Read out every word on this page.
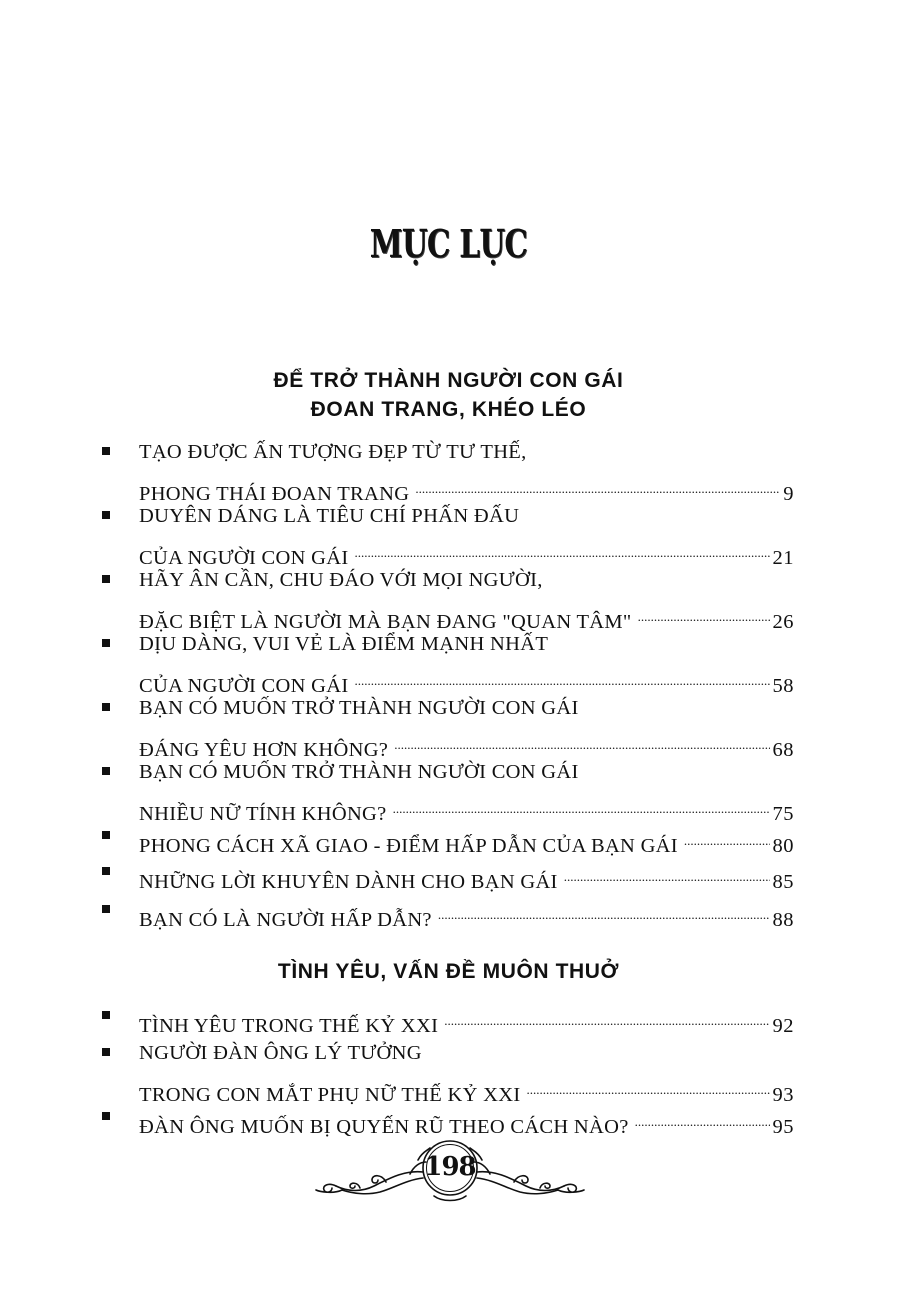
MỤC LỤC
ĐỂ TRỞ THÀNH NGƯỜI CON GÁI
ĐOAN TRANG, KHÉO LÉO
TẠO ĐƯỢC ẤN TƯỢNG ĐẸP TỪ TƯ THẾ,
PHONG THÁI ĐOAN TRANG .....	9
DUYÊN DÁNG LÀ TIÊU CHÍ PHẤN ĐẤU
CỦA NGƯỜI CON GÁI .....	21
HÃY ÂN CẦN, CHU ĐÁO VỚI MỌI NGƯỜI,
ĐẶC BIỆT LÀ NGƯỜI MÀ BẠN ĐANG "QUAN TÂM" .....	26
DỊU DÀNG, VUI VẺ LÀ ĐIỂM MẠNH NHẤT
CỦA NGƯỜI CON GÁI .....	58
BẠN CÓ MUỐN TRỞ THÀNH NGƯỜI CON GÁI
ĐÁNG YÊU HƠN KHÔNG? .....	68
BẠN CÓ MUỐN TRỞ THÀNH NGƯỜI CON GÁI
NHIỀU NỮ TÍNH KHÔNG? .....	75
PHONG CÁCH XÃ GIAO - ĐIỂM HẤP DẪN CỦA BẠN GÁI .....	80
NHỮNG LỜI KHUYÊN DÀNH CHO BẠN GÁI .....	85
BẠN CÓ LÀ NGƯỜI HẤP DẪN? .....	88
TÌNH YÊU, VẤN ĐỀ MUÔN THUỞ
TÌNH YÊU TRONG THẾ KỶ XXI .....	92
NGƯỜI ĐÀN ÔNG LÝ TƯỞNG
TRONG CON MẮT PHỤ NỮ THẾ KỶ XXI .....	93
ĐÀN ÔNG MUỐN BỊ QUYẾN RŨ THEO CÁCH NÀO? .....	95
198
